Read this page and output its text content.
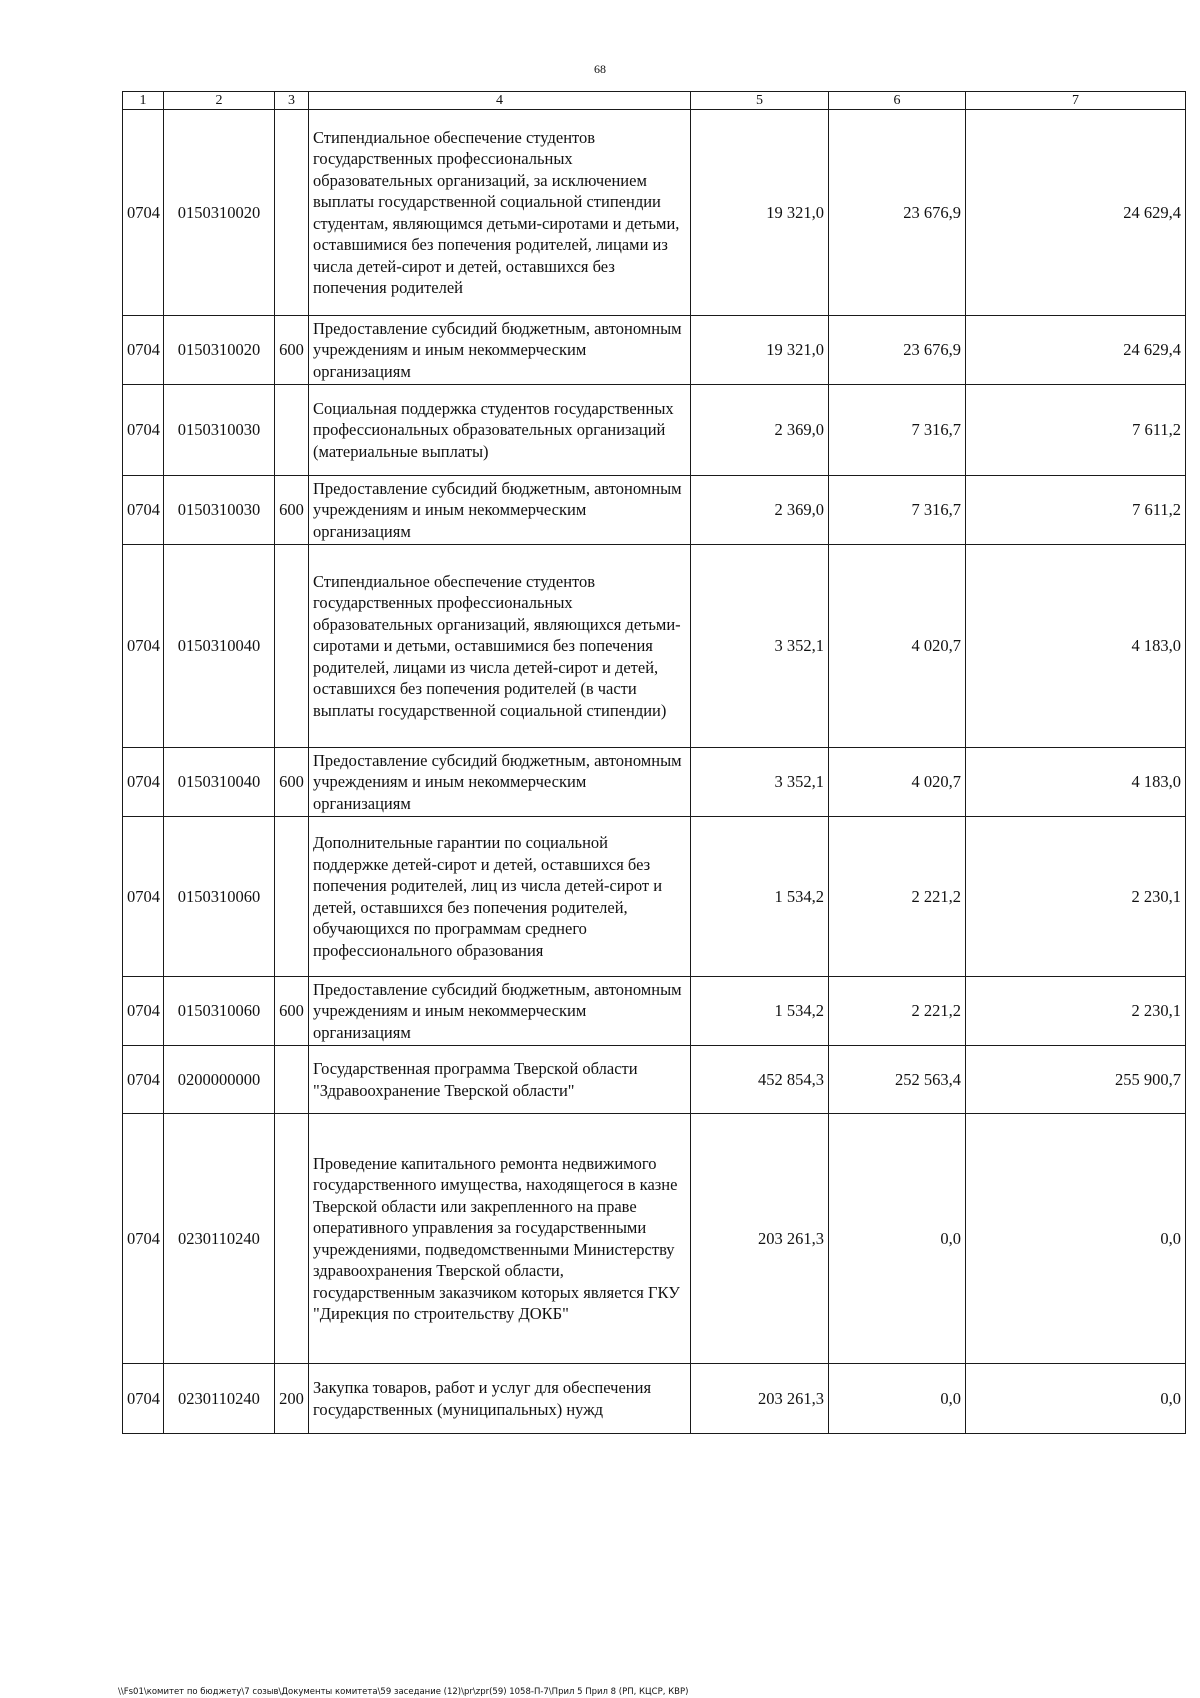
68
1	2	3	4	5	6	7
0704	0150310020		Стипендиальное обеспечение студентов государственных профессиональных образовательных организаций, за исключением выплаты государственной социальной стипендии студентам, являющимся детьми-сиротами и детьми, оставшимися без попечения родителей, лицами из числа детей-сирот и детей, оставшихся без попечения родителей	19 321,0	23 676,9	24 629,4
0704	0150310020	600	Предоставление субсидий бюджетным, автономным учреждениям и иным некоммерческим организациям	19 321,0	23 676,9	24 629,4
0704	0150310030		Социальная поддержка студентов государственных профессиональных образовательных организаций (материальные выплаты)	2 369,0	7 316,7	7 611,2
0704	0150310030	600	Предоставление субсидий бюджетным, автономным учреждениям и иным некоммерческим организациям	2 369,0	7 316,7	7 611,2
0704	0150310040		Стипендиальное обеспечение студентов государственных профессиональных образовательных организаций, являющихся детьми-сиротами и детьми, оставшимися без попечения родителей, лицами из числа детей-сирот и детей, оставшихся без попечения родителей (в части выплаты государственной социальной стипендии)	3 352,1	4 020,7	4 183,0
0704	0150310040	600	Предоставление субсидий бюджетным, автономным учреждениям и иным некоммерческим организациям	3 352,1	4 020,7	4 183,0
0704	0150310060		Дополнительные гарантии по социальной поддержке детей-сирот и детей, оставшихся без попечения родителей, лиц из числа детей-сирот и детей, оставшихся без попечения родителей, обучающихся по программам среднего профессионального образования	1 534,2	2 221,2	2 230,1
0704	0150310060	600	Предоставление субсидий бюджетным, автономным учреждениям и иным некоммерческим организациям	1 534,2	2 221,2	2 230,1
0704	0200000000		Государственная программа Тверской области "Здравоохранение Тверской области"	452 854,3	252 563,4	255 900,7
0704	0230110240		Проведение капитального ремонта недвижимого государственного имущества, находящегося в казне Тверской области или закрепленного на праве оперативного управления за государственными учреждениями, подведомственными Министерству здравоохранения Тверской области, государственным заказчиком которых является ГКУ "Дирекция по строительству ДОКБ"	203 261,3	0,0	0,0
0704	0230110240	200	Закупка товаров, работ и услуг для обеспечения государственных (муниципальных) нужд	203 261,3	0,0	0,0
\\Fs01\комитет по бюджету\7 созыв\Документы комитета\59 заседание (12)\pr\zpr(59) 1058-П-7\Прил 5 Прил 8 (РП, КЦСР, КВР)
